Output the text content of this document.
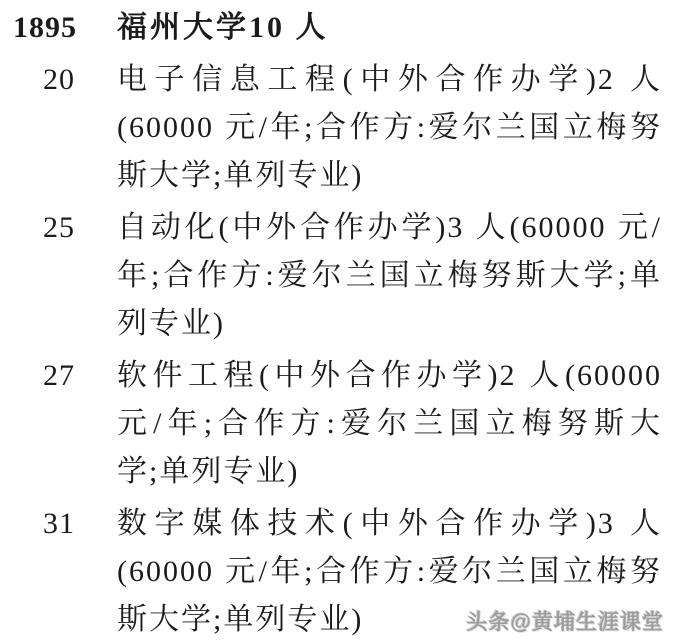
1895	福州大学10 人
20	电子信息工程(中外合作办学)2 人
(60000 元/年;合作方:爱尔兰国立梅努
斯大学;单列专业)
25	自动化(中外合作办学)3 人(60000 元/
年;合作方:爱尔兰国立梅努斯大学;单
列专业)
27	软件工程(中外合作办学)2 人(60000
元/年;合作方:爱尔兰国立梅努斯大
学;单列专业)
31	数字媒体技术(中外合作办学)3 人
(60000 元/年;合作方:爱尔兰国立梅努
斯大学;单列专业)	头条@黄埔生涯课堂
